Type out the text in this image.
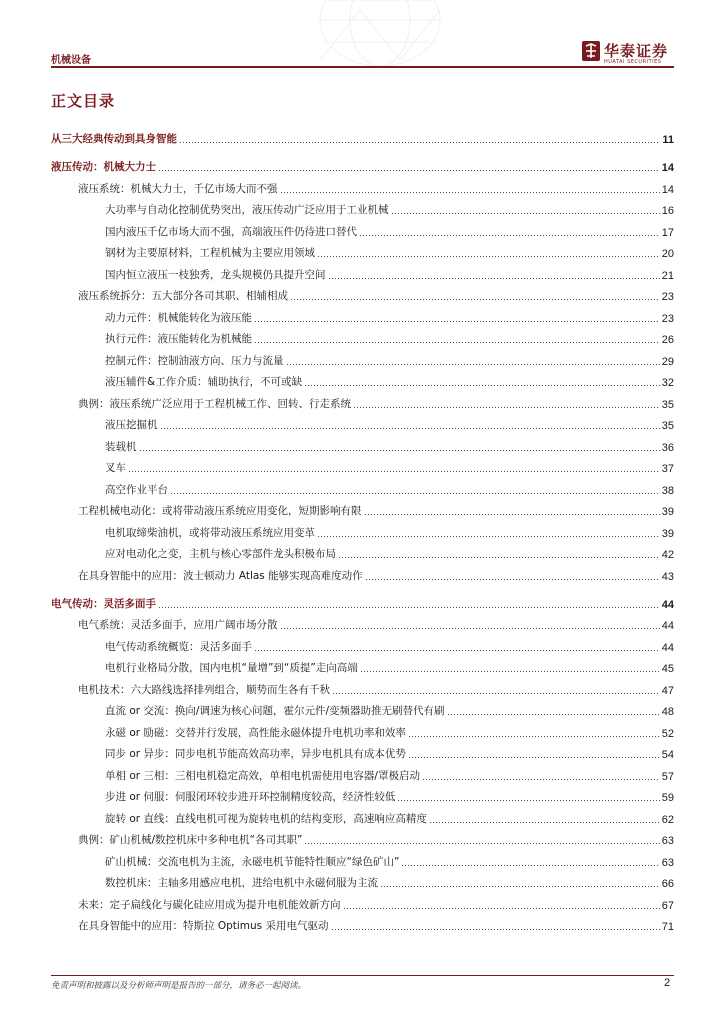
机械设备
华泰证券
HUATAI SECURITIES
正文目录
从三大经典传动到具身智能	11
液压传动：机械大力士	14
液压系统：机械大力士，千亿市场大而不强	14
大功率与自动化控制优势突出，液压传动广泛应用于工业机械	16
国内液压千亿市场大而不强，高端液压件仍待进口替代	17
钢材为主要原材料，工程机械为主要应用领域	20
国内恒立液压一枝独秀，龙头规模仍具提升空间	21
液压系统拆分：五大部分各司其职、相辅相成	23
动力元件：机械能转化为液压能	23
执行元件：液压能转化为机械能	26
控制元件：控制油液方向、压力与流量	29
液压辅件&工作介质：辅助执行，不可或缺	32
典例：液压系统广泛应用于工程机械工作、回转、行走系统	35
液压挖掘机	35
装载机	36
叉车	37
高空作业平台	38
工程机械电动化：或将带动液压系统应用变化，短期影响有限	39
电机取缔柴油机，或将带动液压系统应用变革	39
应对电动化之变，主机与核心零部件龙头积极布局	42
在具身智能中的应用：波士顿动力 Atlas 能够实现高难度动作	43
电气传动：灵活多面手	44
电气系统：灵活多面手，应用广阔市场分散	44
电气传动系统概览：灵活多面手	44
电机行业格局分散，国内电机“量增”到“质提”走向高端	45
电机技术：六大路线选择排列组合，顺势而生各有千秋	47
直流 or 交流：换向/调速为核心问题，霍尔元件/变频器助推无刷替代有刷	48
永磁 or 励磁：交替并行发展，高性能永磁体提升电机功率和效率	52
同步 or 异步：同步电机节能高效高功率，异步电机具有成本优势	54
单相 or 三相：三相电机稳定高效，单相电机需使用电容器/罩极启动	57
步进 or 伺服：伺服闭环较步进开环控制精度较高，经济性较低	59
旋转 or 直线：直线电机可视为旋转电机的结构变形，高速响应高精度	62
典例：矿山机械/数控机床中多种电机“各司其职”	63
矿山机械：交流电机为主流，永磁电机节能特性顺应“绿色矿山”	63
数控机床：主轴多用感应电机，进给电机中永磁伺服为主流	66
未来：定子扁线化与碳化硅应用成为提升电机能效新方向	67
在具身智能中的应用：特斯拉 Optimus 采用电气驱动	71
免责声明和披露以及分析师声明是报告的一部分，请务必一起阅读。	2
